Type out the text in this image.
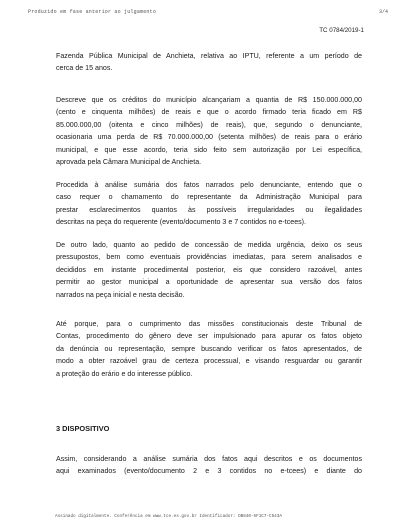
Produzido em fase anterior ao julgamento	3/4
TC 0784/2019-1
Fazenda Pública Municipal de Anchieta, relativa ao IPTU, referente a um período de
cerca de 15 anos.
Descreve que os créditos do município alcançariam a quantia de R$ 150.000.000,00
(cento e cinquenta milhões) de reais e que o acordo firmado teria ficado em R$
85.000.000,00 (oitenta e cinco milhões) de reais), que, segundo o denunciante,
ocasionaria uma perda de R$ 70.000.000,00 (setenta milhões) de reais para o erário
municipal, e que esse acordo, teria sido feito sem autorização por Lei específica,
aprovada pela Câmara Municipal de Anchieta.
Procedida à análise sumária dos fatos narrados pelo denunciante, entendo que o
caso requer o chamamento do representante da Administração Municipal para
prestar esclarecimentos quantos às possíveis irregularidades ou ilegalidades
descritas na peça do requerente (evento/documento 3 e 7 contidos no e-tcees).
De outro lado, quanto ao pedido de concessão de medida urgência, deixo os seus
pressupostos, bem como eventuais providências imediatas, para serem analisados e
decididos em instante procedimental posterior, eis que considero razoável, antes
permitir ao gestor municipal a oportunidade de apresentar sua versão dos fatos
narrados na peça inicial e nesta decisão.
Até porque, para o cumprimento das missões constitucionais deste Tribunal de
Contas, procedimento do gênero deve ser impulsionado para apurar os fatos objeto
da denúncia ou representação, sempre buscando verificar os fatos apresentados, de
modo a obter razoável grau de certeza processual, e visando resguardar ou garantir
a proteção do erário e do interesse público.
3 DISPOSITIVO
Assim, considerando a análise sumária dos fatos aqui descritos e os documentos
aqui examinados (evento/documento 2 e 3 contidos no e-tcees) e diante do
Assinado digitalmente. Conferência em www.tce.es.gov.br Identificador: DB840-5F1C7-C543A
